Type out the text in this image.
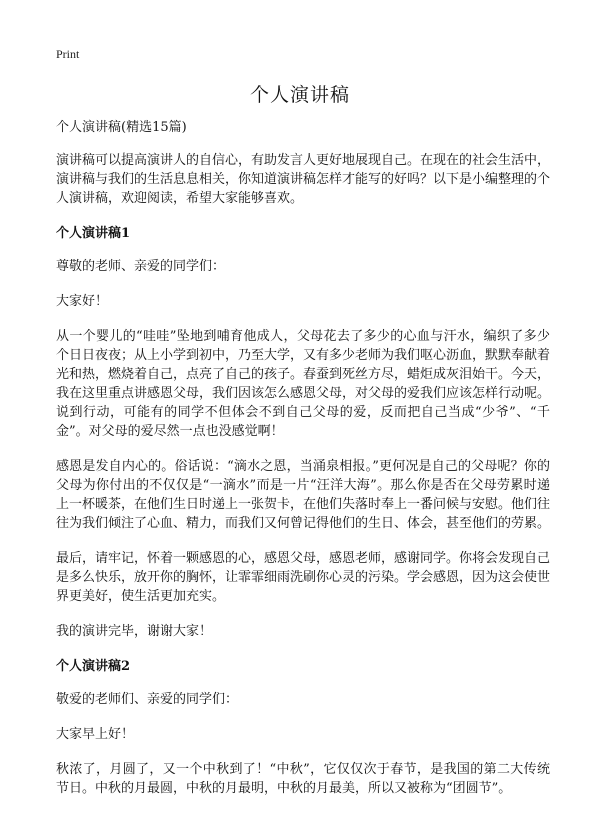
Print
个人演讲稿

个人演讲稿(精选15篇)

演讲稿可以提高演讲人的自信心，有助发言人更好地展现自己。在现在的社会生活中，演讲稿与我们的生活息息相关，你知道演讲稿怎样才能写的好吗？以下是小编整理的个人演讲稿，欢迎阅读，希望大家能够喜欢。

个人演讲稿1

尊敬的老师、亲爱的同学们：

大家好！

从一个婴儿的“哇哇”坠地到哺育他成人，父母花去了多少的心血与汗水，编织了多少个日日夜夜；从上小学到初中，乃至大学，又有多少老师为我们呕心沥血，默默奉献着光和热，燃烧着自己，点亮了自己的孩子。春蚕到死丝方尽，蜡炬成灰泪始干。今天，我在这里重点讲感恩父母，我们因该怎么感恩父母，对父母的爱我们应该怎样行动呢。说到行动，可能有的同学不但体会不到自己父母的爱，反而把自己当成“少爷”、“千金”。对父母的爱尽然一点也没感觉啊！

感恩是发自内心的。俗话说：“滴水之恩，当涌泉相报。”更何况是自己的父母呢？你的父母为你付出的不仅仅是“一滴水”而是一片“汪洋大海”。那么你是否在父母劳累时递上一杯暖茶，在他们生日时递上一张贺卡，在他们失落时奉上一番问候与安慰。他们往往为我们倾注了心血、精力，而我们又何曾记得他们的生日、体会，甚至他们的劳累。

最后，请牢记，怀着一颗感恩的心，感恩父母，感恩老师，感谢同学。你将会发现自己是多么快乐，放开你的胸怀，让霏霏细雨洗刷你心灵的污染。学会感恩，因为这会使世界更美好，使生活更加充实。

我的演讲完毕，谢谢大家！

个人演讲稿2

敬爱的老师们、亲爱的同学们：

大家早上好！

秋浓了，月圆了，又一个中秋到了！“中秋”，它仅仅次于春节，是我国的第二大传统节日。中秋的月最圆，中秋的月最明，中秋的月最美，所以又被称为“团圆节”。
